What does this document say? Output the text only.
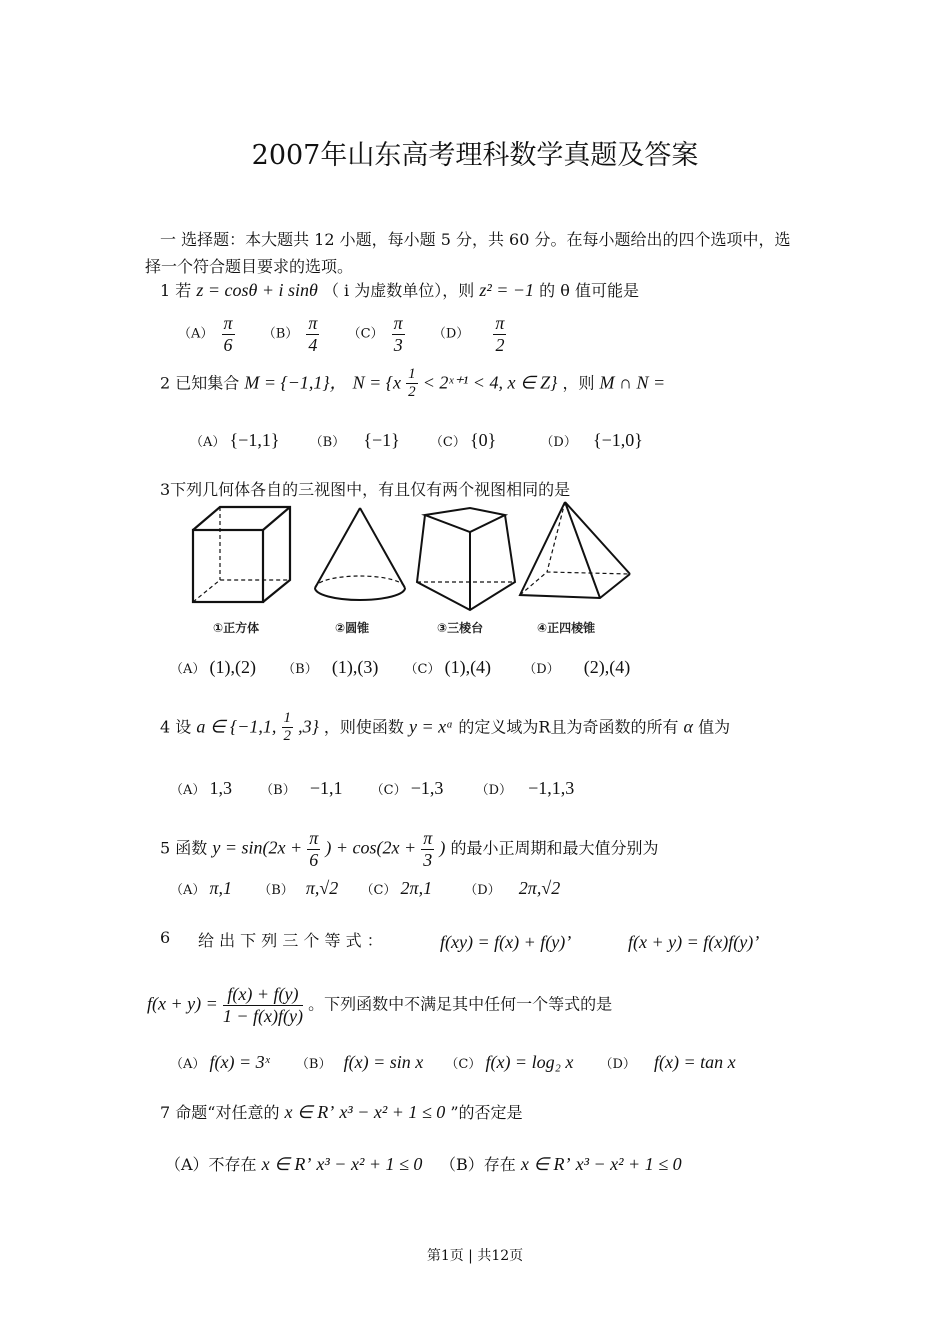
2007年山东高考理科数学真题及答案
一 选择题：本大题共 12 小题，每小题 5 分，共 60 分。在每小题给出的四个选项中，选
择一个符合题目要求的选项。
1 若 z = cosθ + i sinθ （ i 为虚数单位），则 z² = −1 的 θ 值可能是
$(A) \frac{\pi}{6} (B) \frac{\pi}{4} (C) \frac{\pi}{3} (D) \frac{\pi}{2}$
2 已知集合 M = {−1,1}， $N = \{x \frac{1}{2}$ < 2ˣ⁺¹ < 4, x ∈ Z} ，则 M ∩ N =
（A） {−1,1} （B） {−1} （C） {0}	（D） {−1,0}
3下列几何体各自的三视图中，有且仅有两个视图相同的是
①正方体	②圆锥	③三棱台	④正四棱锥
（A） (1),(2) （B） (1),(3) （C） (1),(4) （D） (2),(4)
4 设 a ∈ {−1,1, $\frac{1}{2} ,3$} ，则使函数 y = xᵅ 的定义域为R且为奇函数的所有 α 值为
（A） 1,3 （B） −1,1 （C） −1,3 （D） −1,1,3
5 函数 $y = \sin(2x + \frac{\pi}{6}$ ) + $\cos(2x + \frac{\pi}{3}$ ) 的最小正周期和最大值分别为
（A） π,1 （B） π,√2 （C） 2π,1 （D） 2π,√2
6 给 出 下 列 三 个 等 式 ：	f(xy) = f(x) + f(y)’	f(x + y) = f(x)f(y)’
$f(x + y) = \frac{f(x) + f(y)}{1 - f(x)f(y)}$ 。下列函数中不满足其中任何一个等式的是
（A） f(x) = 3ˣ （B） f(x) = sin x （C） f(x) = log₂ x （D） f(x) = tan x
7 命题“对任意的 x ∈ R’ x³ − x² + 1 ≤ 0 ”的否定是
（A）不存在 x ∈ R’ x³ − x² + 1 ≤ 0 （B）存在 x ∈ R’ x³ − x² + 1 ≤ 0
第1页 | 共12页
